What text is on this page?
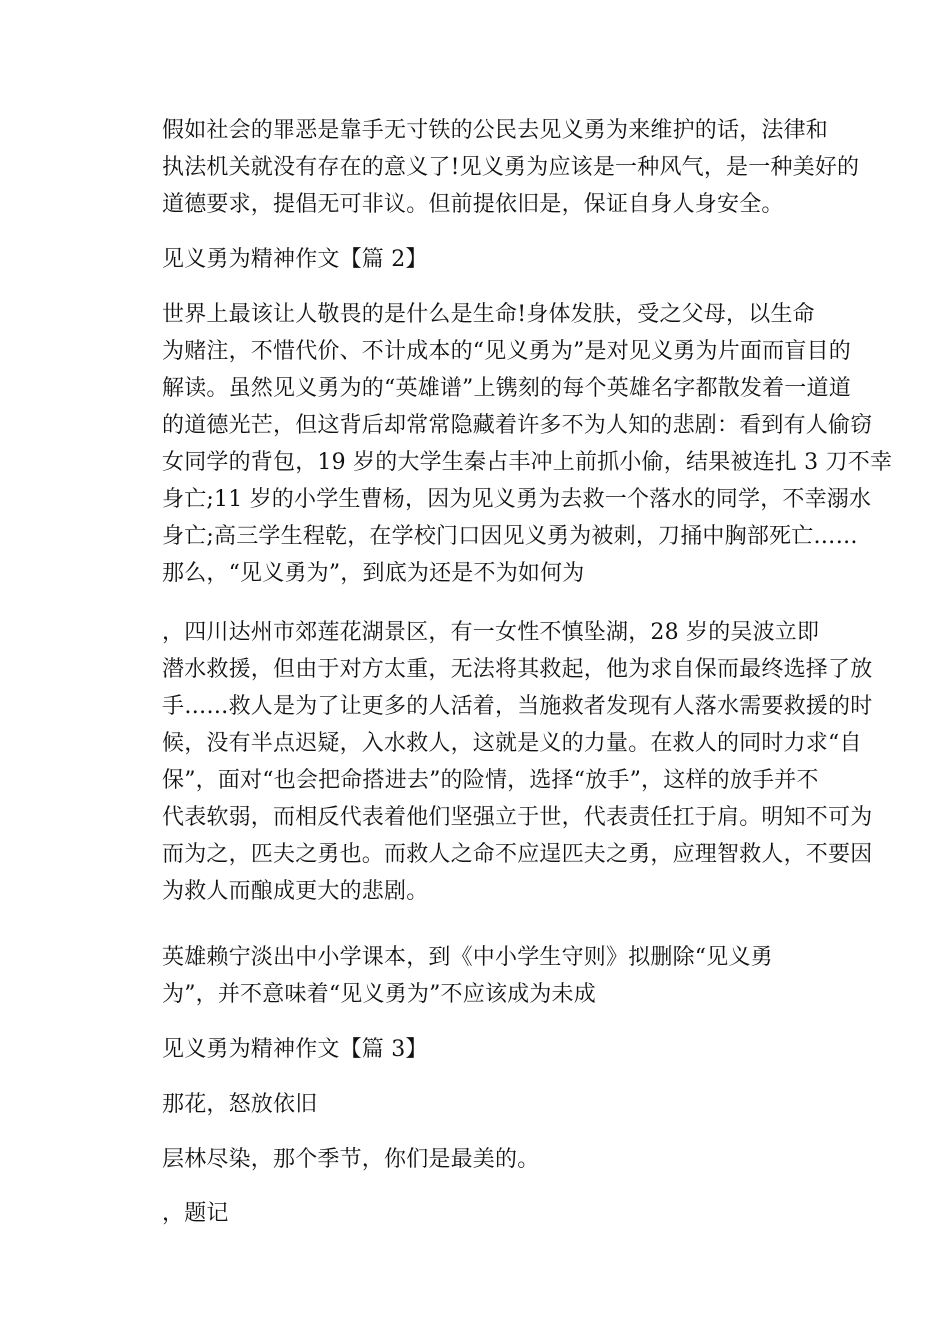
假如社会的罪恶是靠手无寸铁的公民去见义勇为来维护的话，法律和
执法机关就没有存在的意义了!见义勇为应该是一种风气，是一种美好的
道德要求，提倡无可非议。但前提依旧是，保证自身人身安全。

见义勇为精神作文【篇 2】

世界上最该让人敬畏的是什么是生命!身体发肤，受之父母，以生命
为赌注，不惜代价、不计成本的“见义勇为”是对见义勇为片面而盲目的
解读。虽然见义勇为的“英雄谱”上镌刻的每个英雄名字都散发着一道道
的道德光芒，但这背后却常常隐藏着许多不为人知的悲剧：看到有人偷窃
女同学的背包，19 岁的大学生秦占丰冲上前抓小偷，结果被连扎 3 刀不幸
身亡;11 岁的小学生曹杨，因为见义勇为去救一个落水的同学，不幸溺水
身亡;高三学生程乾，在学校门口因见义勇为被刺，刀捅中胸部死亡……
那么，“见义勇为”，到底为还是不为如何为

，四川达州市郊莲花湖景区，有一女性不慎坠湖，28 岁的吴波立即
潜水救援，但由于对方太重，无法将其救起，他为求自保而最终选择了放
手……救人是为了让更多的人活着，当施救者发现有人落水需要救援的时
候，没有半点迟疑，入水救人，这就是义的力量。在救人的同时力求“自
保”，面对“也会把命搭进去”的险情，选择“放手”，这样的放手并不
代表软弱，而相反代表着他们坚强立于世，代表责任扛于肩。明知不可为
而为之，匹夫之勇也。而救人之命不应逞匹夫之勇，应理智救人，不要因
为救人而酿成更大的悲剧。

英雄赖宁淡出中小学课本，到《中小学生守则》拟删除“见义勇
为”，并不意味着“见义勇为”不应该成为未成

见义勇为精神作文【篇 3】

那花，怒放依旧

层林尽染，那个季节，你们是最美的。

，题记
